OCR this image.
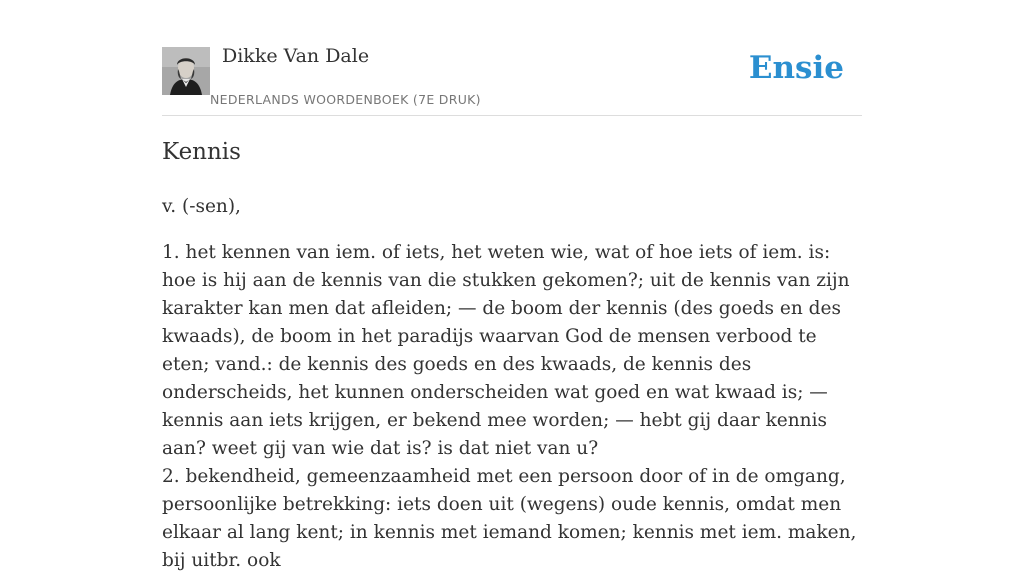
Dikke Van Dale
NEDERLANDS WOORDENBOEK (7E DRUK)
Ensie
Kennis
v. (-sen),

1. het kennen van iem. of iets, het weten wie, wat of hoe iets of iem. is: hoe is hij aan de kennis van die stukken gekomen?; uit de kennis van zijn karakter kan men dat afleiden; — de boom der kennis (des goeds en des kwaads), de boom in het paradijs waarvan God de mensen verbood te eten; vand.: de kennis des goeds en des kwaads, de kennis des onderscheids, het kunnen onderscheiden wat goed en wat kwaad is; — kennis aan iets krijgen, er bekend mee worden; — hebt gij daar kennis aan? weet gij van wie dat is? is dat niet van u?

2. bekendheid, gemeenzaamheid met een persoon door of in de omgang, persoonlijke betrekking: iets doen uit (wegens) oude kennis, omdat men elkaar al lang kent; in kennis met iemand komen; kennis met iem. maken, bij uitbr. ook
